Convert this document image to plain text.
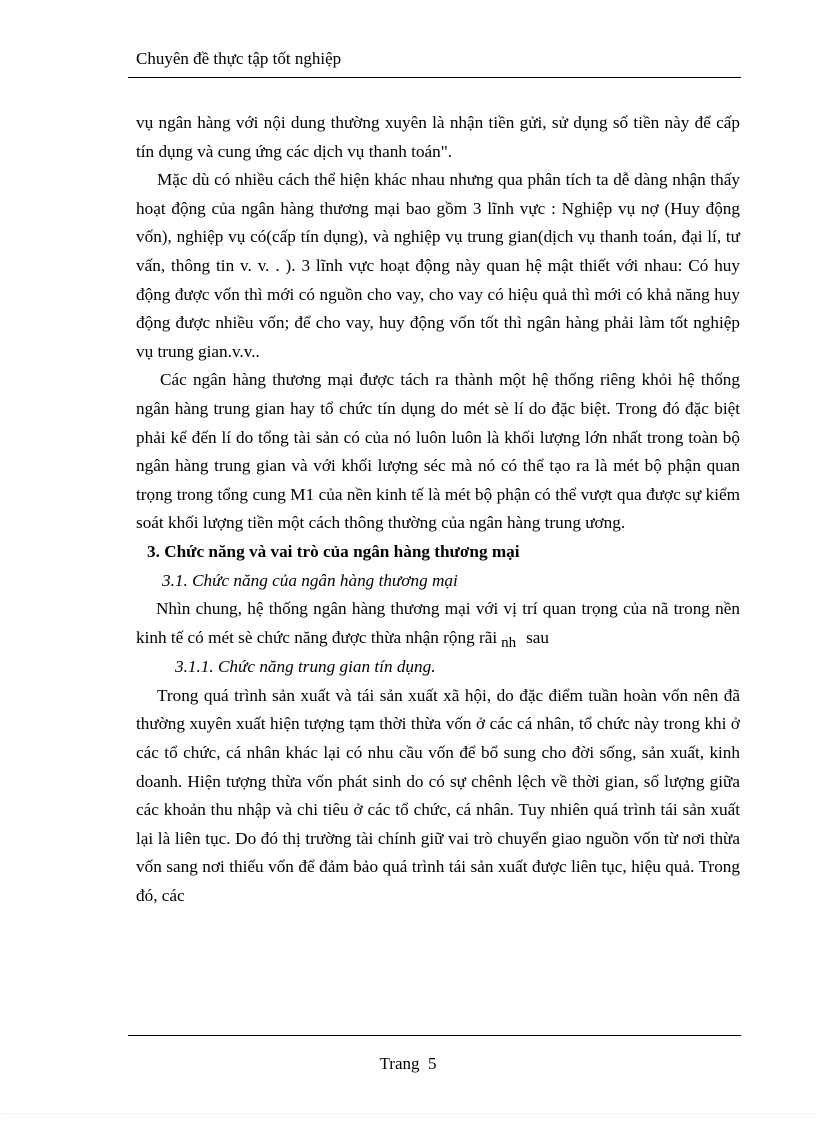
Chuyên đề thực tập tốt nghiệp

vụ ngân hàng với nội dung thường xuyên là nhận tiền gửi, sử dụng số tiền này để cấp tín dụng và cung ứng các dịch vụ thanh toán".

Mặc dù có nhiều cách thể hiện khác nhau nhưng qua phân tích ta dễ dàng nhận thấy hoạt động của ngân hàng thương mại bao gồm 3 lĩnh vực : Nghiệp vụ nợ (Huy động vốn), nghiệp vụ có(cấp tín dụng), và nghiệp vụ trung gian(dịch vụ thanh toán, đại lí, tư vấn, thông tin v. v. . ). 3 lĩnh vực hoạt động này quan hệ mật thiết với nhau: Có huy động được vốn thì mới có nguồn cho vay, cho vay có hiệu quả thì mới có khả năng huy động được nhiều vốn; để cho vay, huy động vốn tốt thì ngân hàng phải làm tốt nghiệp vụ trung gian.v.v..

Các ngân hàng thương mại được tách ra thành một hệ thống riêng khỏi hệ thống ngân hàng trung gian hay tổ chức tín dụng do mét sè lí do đặc biệt. Trong đó đặc biệt phải kể đến lí do tổng tài sản có của nó luôn luôn là khối lượng lớn nhất trong toàn bộ ngân hàng trung gian và với khối lượng séc mà nó có thể tạo ra là mét bộ phận quan trọng trong tổng cung M1 của nền kinh tế là mét bộ phận có thể vượt qua được sự kiểm soát khối lượng tiền một cách thông thường của ngân hàng trung ương.

3. Chức năng và vai trò của ngân hàng thương mại

3.1. Chức năng của ngân hàng thương mại

Nhìn chung, hệ thống ngân hàng thương mại với vị trí quan trọng của nã trong nền kinh tế có mét sè chức năng được thừa nhận rộng rãi nh sau

3.1.1. Chức năng trung gian tín dụng.

Trong quá trình sản xuất và tái sản xuất xã hội, do đặc điểm tuần hoàn vốn nên đã thường xuyên xuất hiện tượng tạm thời thừa vốn ở các cá nhân, tổ chức này trong khi ở các tổ chức, cá nhân khác lại có nhu cầu vốn để bổ sung cho đời sống, sản xuất, kinh doanh. Hiện tượng thừa vốn phát sinh do có sự chênh lệch về thời gian, số lượng giữa các khoản thu nhập và chi tiêu ở các tổ chức, cá nhân. Tuy nhiên quá trình tái sản xuất lại là liên tục. Do đó thị trường tài chính giữ vai trò chuyển giao nguồn vốn từ nơi thừa vốn sang nơi thiếu vốn để đảm bảo quá trình tái sản xuất được liên tục, hiệu quả. Trong đó, các

Trang  5
